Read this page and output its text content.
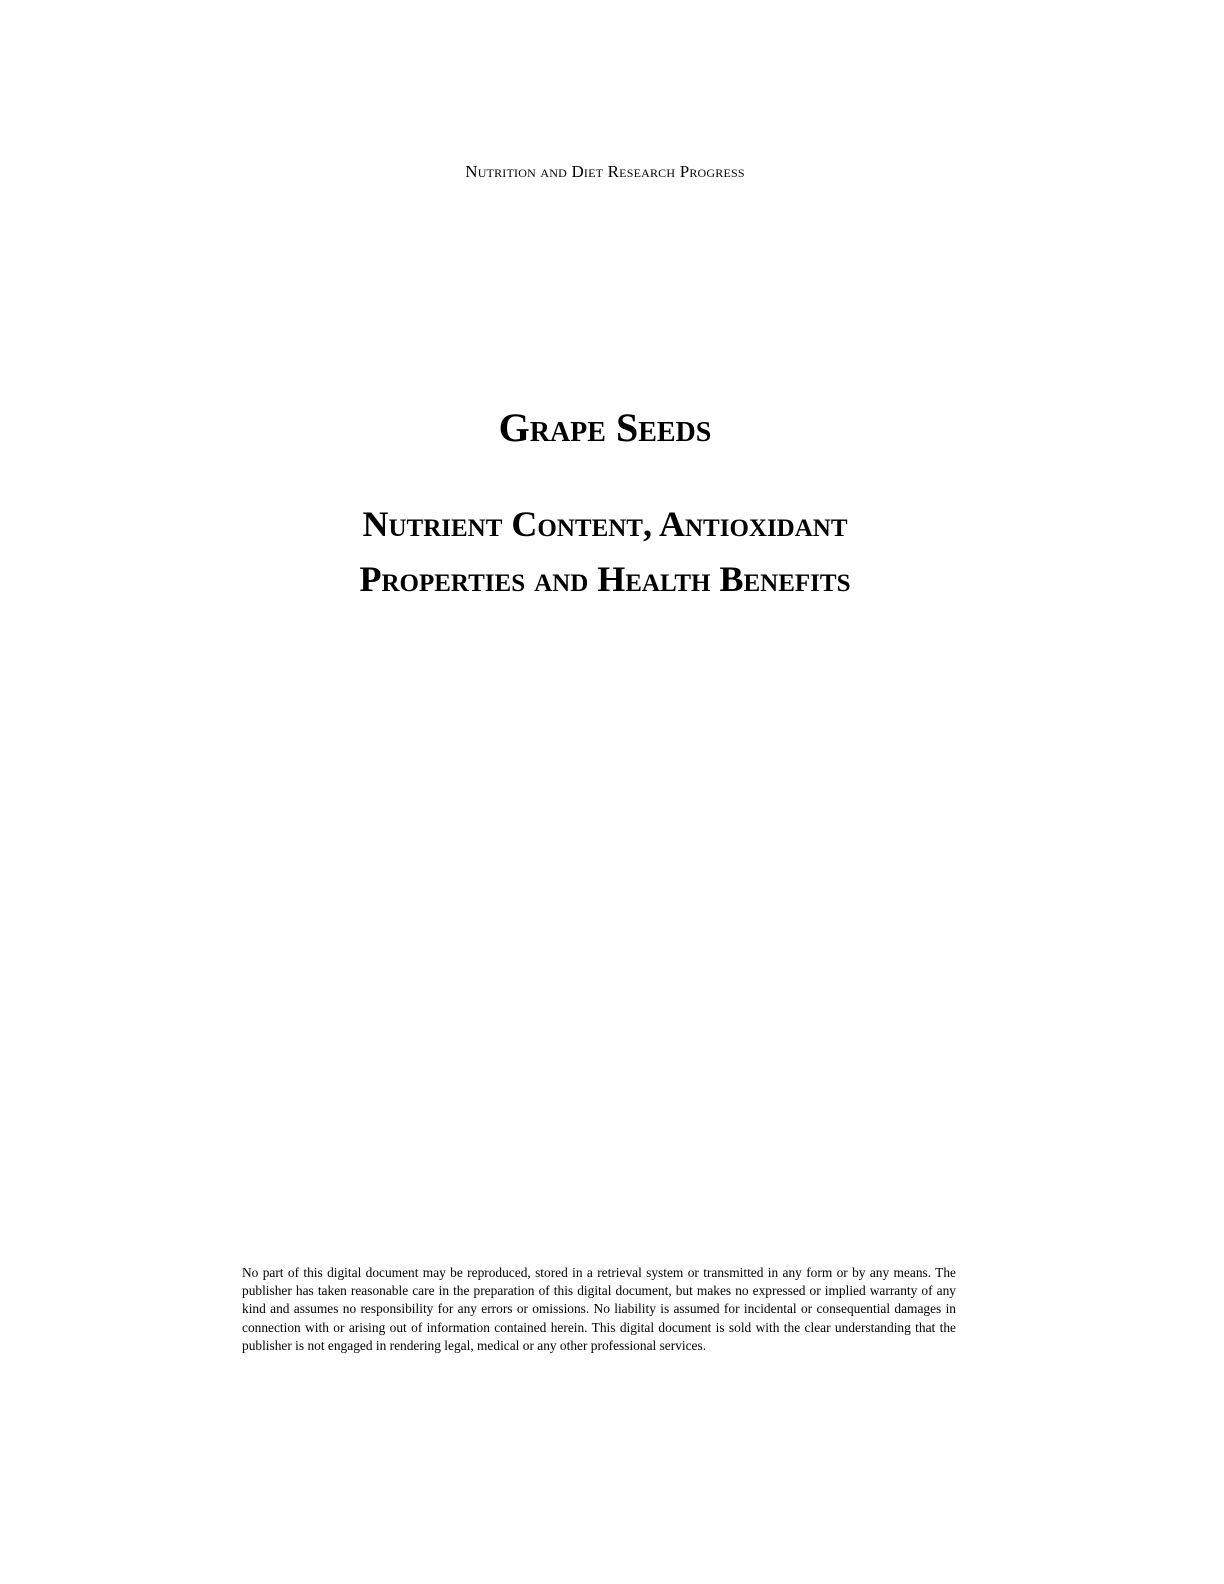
Nutrition and Diet Research Progress
Grape Seeds
Nutrient Content, Antioxidant
Properties and Health Benefits
No part of this digital document may be reproduced, stored in a retrieval system or transmitted in any form or by any means. The publisher has taken reasonable care in the preparation of this digital document, but makes no expressed or implied warranty of any kind and assumes no responsibility for any errors or omissions. No liability is assumed for incidental or consequential damages in connection with or arising out of information contained herein. This digital document is sold with the clear understanding that the publisher is not engaged in rendering legal, medical or any other professional services.
